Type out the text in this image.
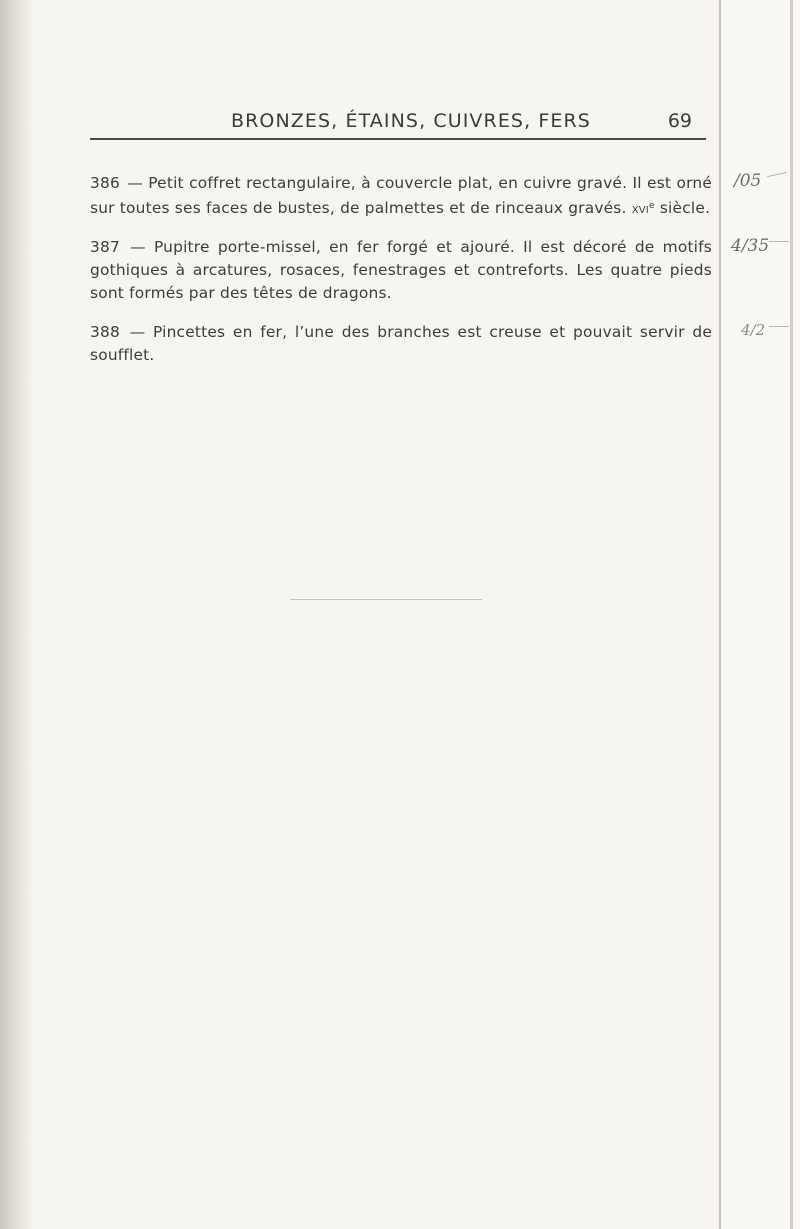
BRONZES, ÉTAINS, CUIVRES, FERS	69
386 — Petit coffret rectangulaire, à couvercle plat, en cuivre gravé. Il est orné sur toutes ses faces de bustes, de palmettes et de rinceaux gravés. xvi$^e$ siècle.
387 — Pupitre porte-missel, en fer forgé et ajouré. Il est décoré de motifs gothiques à arcatures, rosaces, fenestrages et contreforts. Les quatre pieds sont formés par des têtes de dragons.
388 — Pincettes en fer, l’une des branches est creuse et pouvait servir de soufflet.
/05
4/35
4/2
